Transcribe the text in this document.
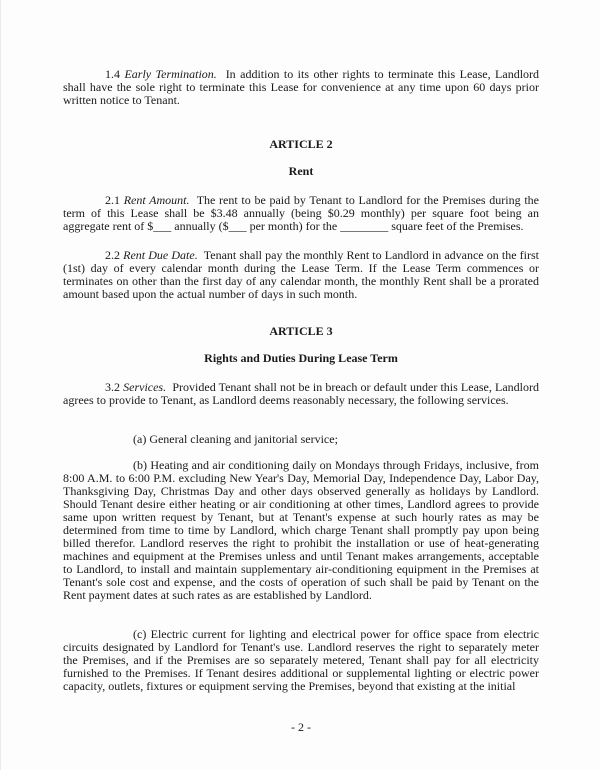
1.4 Early Termination. In addition to its other rights to terminate this Lease, Landlord shall have the sole right to terminate this Lease for convenience at any time upon 60 days prior written notice to Tenant.

ARTICLE 2

Rent

2.1 Rent Amount. The rent to be paid by Tenant to Landlord for the Premises during the term of this Lease shall be $3.48 annually (being $0.29 monthly) per square foot being an aggregate rent of $___ annually ($___ per month) for the ________ square feet of the Premises.

2.2 Rent Due Date. Tenant shall pay the monthly Rent to Landlord in advance on the first (1st) day of every calendar month during the Lease Term. If the Lease Term commences or terminates on other than the first day of any calendar month, the monthly Rent shall be a prorated amount based upon the actual number of days in such month.

ARTICLE 3

Rights and Duties During Lease Term

3.2 Services. Provided Tenant shall not be in breach or default under this Lease, Landlord agrees to provide to Tenant, as Landlord deems reasonably necessary, the following services.

(a) General cleaning and janitorial service;

(b) Heating and air conditioning daily on Mondays through Fridays, inclusive, from 8:00 A.M. to 6:00 P.M. excluding New Year's Day, Memorial Day, Independence Day, Labor Day, Thanksgiving Day, Christmas Day and other days observed generally as holidays by Landlord. Should Tenant desire either heating or air conditioning at other times, Landlord agrees to provide same upon written request by Tenant, but at Tenant's expense at such hourly rates as may be determined from time to time by Landlord, which charge Tenant shall promptly pay upon being billed therefor. Landlord reserves the right to prohibit the installation or use of heat-generating machines and equipment at the Premises unless and until Tenant makes arrangements, acceptable to Landlord, to install and maintain supplementary air-conditioning equipment in the Premises at Tenant's sole cost and expense, and the costs of operation of such shall be paid by Tenant on the Rent payment dates at such rates as are established by Landlord.

(c) Electric current for lighting and electrical power for office space from electric circuits designated by Landlord for Tenant's use. Landlord reserves the right to separately meter the Premises, and if the Premises are so separately metered, Tenant shall pay for all electricity furnished to the Premises. If Tenant desires additional or supplemental lighting or electric power capacity, outlets, fixtures or equipment serving the Premises, beyond that existing at the initial

- 2 -
